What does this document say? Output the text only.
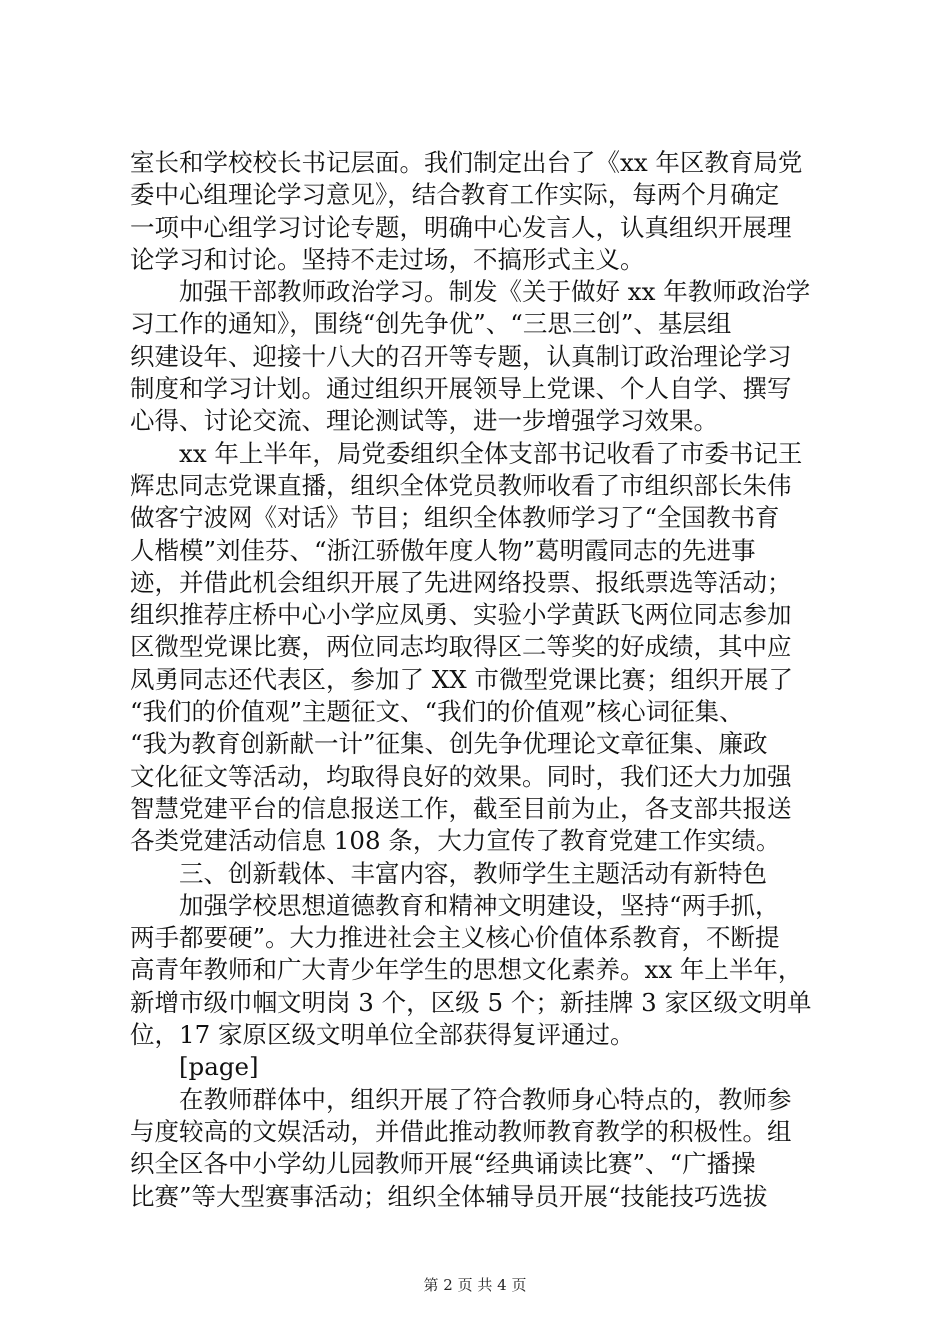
室长和学校校长书记层面。我们制定出台了《xx 年区教育局党
委中心组理论学习意见》，结合教育工作实际，每两个月确定
一项中心组学习讨论专题，明确中心发言人，认真组织开展理
论学习和讨论。坚持不走过场，不搞形式主义。
加强干部教师政治学习。制发《关于做好 xx 年教师政治学
习工作的通知》，围绕“创先争优”、“三思三创”、基层组
织建设年、迎接十八大的召开等专题，认真制订政治理论学习
制度和学习计划。通过组织开展领导上党课、个人自学、撰写
心得、讨论交流、理论测试等，进一步增强学习效果。
xx 年上半年，局党委组织全体支部书记收看了市委书记王
辉忠同志党课直播，组织全体党员教师收看了市组织部长朱伟
做客宁波网《对话》节目；组织全体教师学习了“全国教书育
人楷模”刘佳芬、“浙江骄傲年度人物”葛明霞同志的先进事
迹，并借此机会组织开展了先进网络投票、报纸票选等活动；
组织推荐庄桥中心小学应凤勇、实验小学黄跃飞两位同志参加
区微型党课比赛，两位同志均取得区二等奖的好成绩，其中应
凤勇同志还代表区，参加了 XX 市微型党课比赛；组织开展了
“我们的价值观”主题征文、“我们的价值观”核心词征集、
“我为教育创新献一计”征集、创先争优理论文章征集、廉政
文化征文等活动，均取得良好的效果。同时，我们还大力加强
智慧党建平台的信息报送工作，截至目前为止，各支部共报送
各类党建活动信息 108 条，大力宣传了教育党建工作实绩。
三、创新载体、丰富内容，教师学生主题活动有新特色
加强学校思想道德教育和精神文明建设，坚持“两手抓，
两手都要硬”。大力推进社会主义核心价值体系教育，不断提
高青年教师和广大青少年学生的思想文化素养。xx 年上半年，
新增市级巾帼文明岗 3 个，区级 5 个；新挂牌 3 家区级文明单
位，17 家原区级文明单位全部获得复评通过。
[page]
在教师群体中，组织开展了符合教师身心特点的，教师参
与度较高的文娱活动，并借此推动教师教育教学的积极性。组
织全区各中小学幼儿园教师开展“经典诵读比赛”、“广播操
比赛”等大型赛事活动；组织全体辅导员开展“技能技巧选拔
第 2 页 共 4 页
